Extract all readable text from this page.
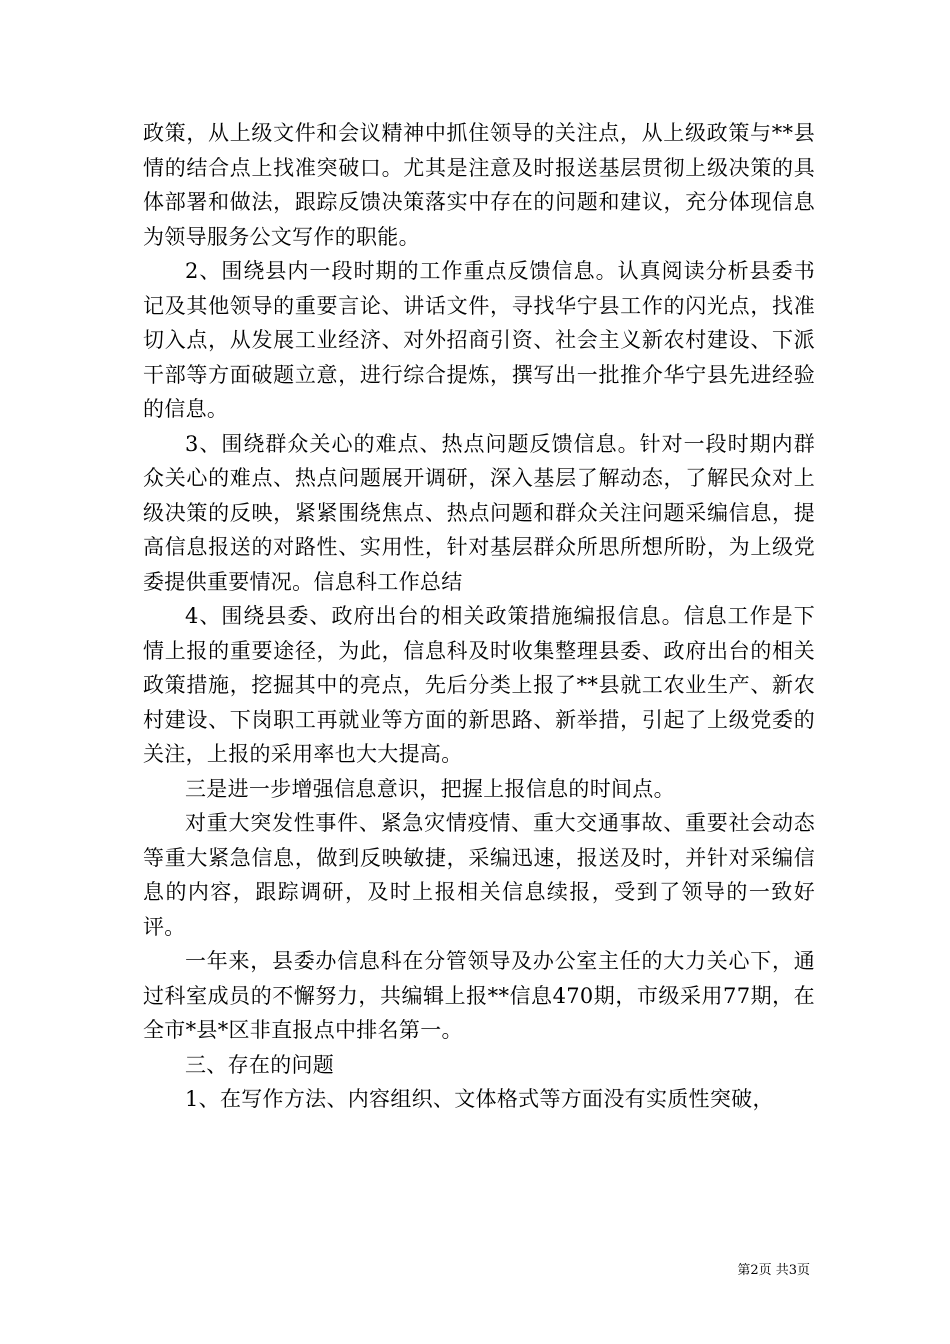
政策，从上级文件和会议精神中抓住领导的关注点，从上级政策与**县情的结合点上找准突破口。尤其是注意及时报送基层贯彻上级决策的具体部署和做法，跟踪反馈决策落实中存在的问题和建议，充分体现信息为领导服务公文写作的职能。

2、围绕县内一段时期的工作重点反馈信息。认真阅读分析县委书记及其他领导的重要言论、讲话文件，寻找华宁县工作的闪光点，找准切入点，从发展工业经济、对外招商引资、社会主义新农村建设、下派干部等方面破题立意，进行综合提炼，撰写出一批推介华宁县先进经验的信息。

3、围绕群众关心的难点、热点问题反馈信息。针对一段时期内群众关心的难点、热点问题展开调研，深入基层了解动态，了解民众对上级决策的反映，紧紧围绕焦点、热点问题和群众关注问题采编信息，提高信息报送的对路性、实用性，针对基层群众所思所想所盼，为上级党委提供重要情况。信息科工作总结

4、围绕县委、政府出台的相关政策措施编报信息。信息工作是下情上报的重要途径，为此，信息科及时收集整理县委、政府出台的相关政策措施，挖掘其中的亮点，先后分类上报了**县就工农业生产、新农村建设、下岗职工再就业等方面的新思路、新举措，引起了上级党委的关注，上报的采用率也大大提高。

三是进一步增强信息意识，把握上报信息的时间点。

对重大突发性事件、紧急灾情疫情、重大交通事故、重要社会动态等重大紧急信息，做到反映敏捷，采编迅速，报送及时，并针对采编信息的内容，跟踪调研，及时上报相关信息续报，受到了领导的一致好评。

一年来，县委办信息科在分管领导及办公室主任的大力关心下，通过科室成员的不懈努力，共编辑上报**信息470期，市级采用77期，在全市*县*区非直报点中排名第一。

三、存在的问题

1、在写作方法、内容组织、文体格式等方面没有实质性突破，

第2页 共3页
